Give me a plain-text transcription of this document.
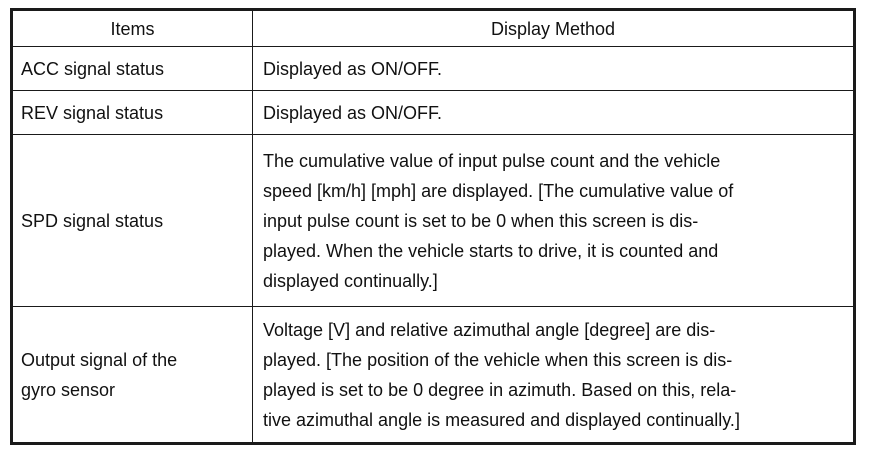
Items	Display Method
ACC signal status	Displayed as ON/OFF.

REV signal status	Displayed as ON/OFF.

SPD signal status	The cumulative value of input pulse count and the vehicle
speed [km/h] [mph] are displayed. [The cumulative value of
input pulse count is set to be 0 when this screen is dis-
played. When the vehicle starts to drive, it is counted and
displayed continually.]

Output signal of the
gyro sensor	Voltage [V] and relative azimuthal angle [degree] are dis-
played. [The position of the vehicle when this screen is dis-
played is set to be 0 degree in azimuth. Based on this, rela-
tive azimuthal angle is measured and displayed continually.]
